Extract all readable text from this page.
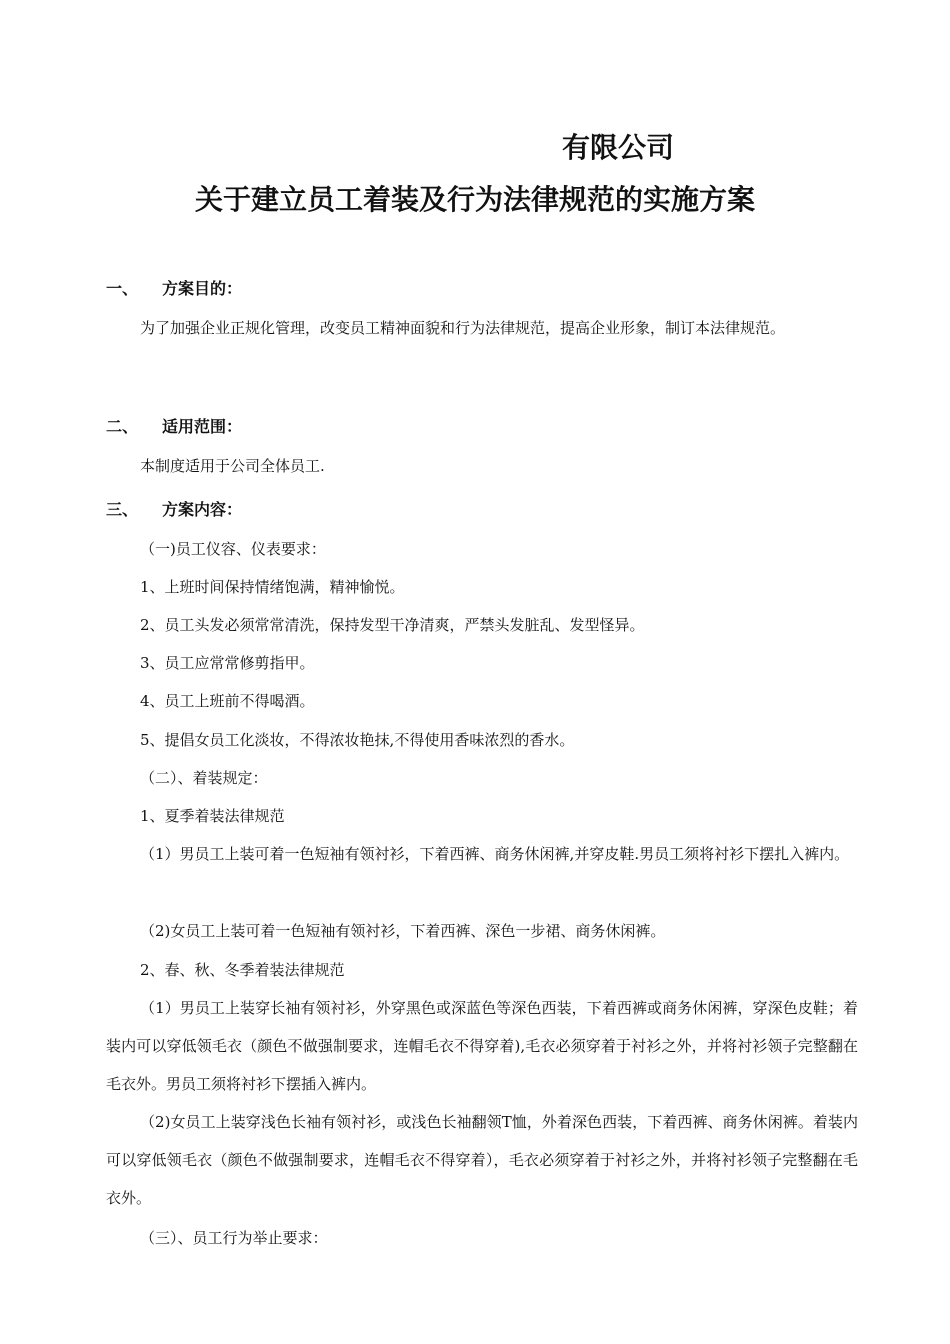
有限公司
关于建立员工着装及行为法律规范的实施方案
一、 方案目的：
为了加强企业正规化管理，改变员工精神面貌和行为法律规范，提高企业形象，制订本法律规范。
二、 适用范围：
本制度适用于公司全体员工.
三、 方案内容：
（一)员工仪容、仪表要求：
1、上班时间保持情绪饱满，精神愉悦。
2、员工头发必须常常清洗，保持发型干净清爽，严禁头发脏乱、发型怪异。
3、员工应常常修剪指甲。
4、员工上班前不得喝酒。
5、提倡女员工化淡妆，不得浓妆艳抹,不得使用香味浓烈的香水。
（二）、着装规定：
1、夏季着装法律规范
（1）男员工上装可着一色短袖有领衬衫，下着西裤、商务休闲裤,并穿皮鞋.男员工须将衬衫下摆扎入裤内。
（2)女员工上装可着一色短袖有领衬衫，下着西裤、深色一步裙、商务休闲裤。
2、春、秋、冬季着装法律规范
（1）男员工上装穿长袖有领衬衫，外穿黑色或深蓝色等深色西装，下着西裤或商务休闲裤，穿深色皮鞋；着装内可以穿低领毛衣（颜色不做强制要求，连帽毛衣不得穿着),毛衣必须穿着于衬衫之外，并将衬衫领子完整翻在毛衣外。男员工须将衬衫下摆插入裤内。
（2)女员工上装穿浅色长袖有领衬衫，或浅色长袖翻领T恤，外着深色西装，下着西裤、商务休闲裤。着装内可以穿低领毛衣（颜色不做强制要求，连帽毛衣不得穿着），毛衣必须穿着于衬衫之外，并将衬衫领子完整翻在毛衣外。
（三）、员工行为举止要求：
